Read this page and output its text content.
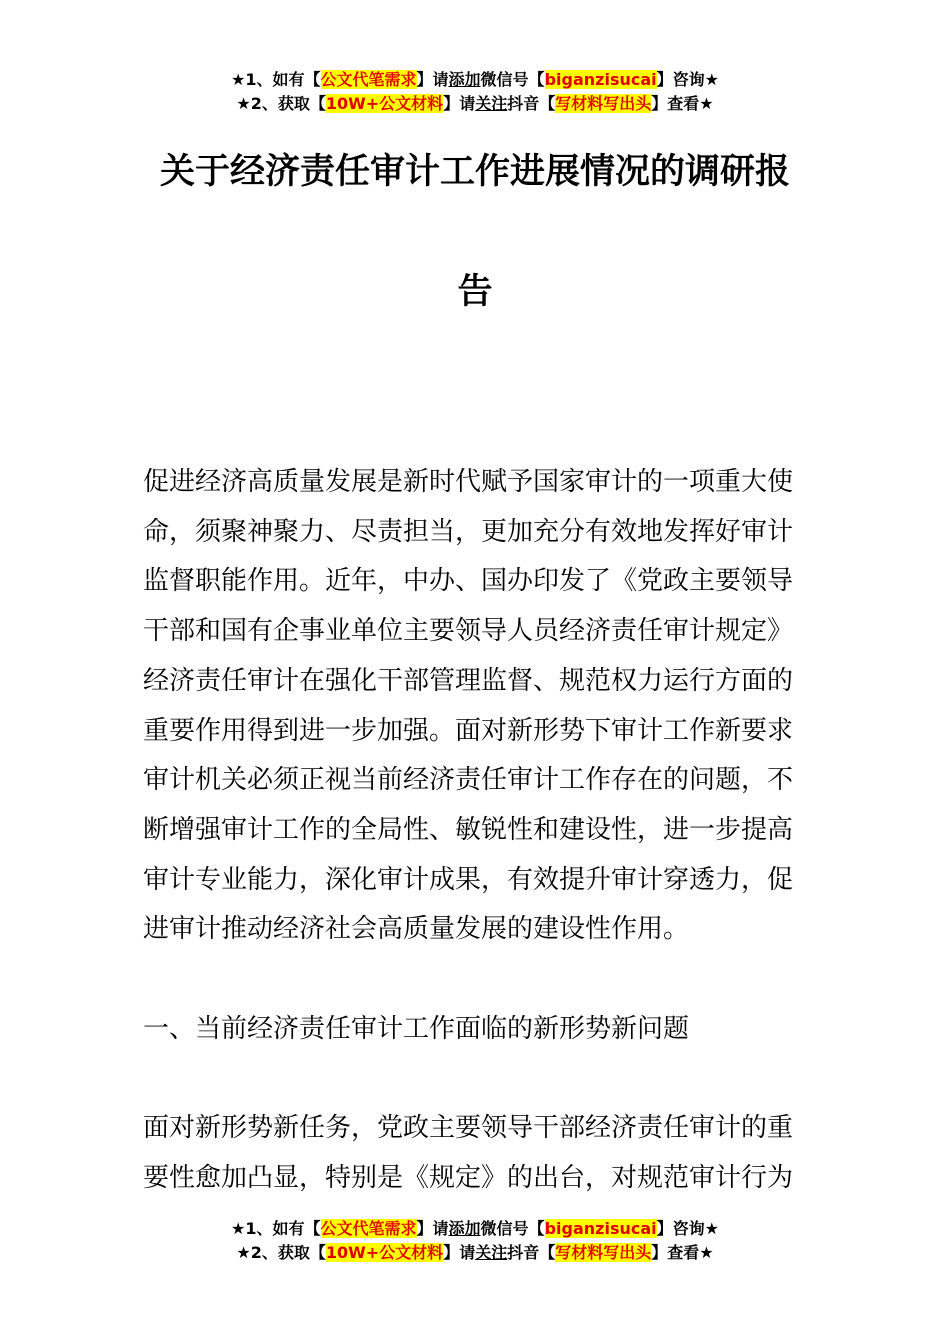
★1、如有【公文代笔需求】请添加微信号【biganzisucai】咨询★
★2、获取【10W+公文材料】请关注抖音【写材料写出头】查看★
关于经济责任审计工作进展情况的调研报
告
促进经济高质量发展是新时代赋予国家审计的一项重大使
命，须聚神聚力、尽责担当，更加充分有效地发挥好审计
监督职能作用。近年，中办、国办印发了《党政主要领导
干部和国有企事业单位主要领导人员经济责任审计规定》
经济责任审计在强化干部管理监督、规范权力运行方面的
重要作用得到进一步加强。面对新形势下审计工作新要求
审计机关必须正视当前经济责任审计工作存在的问题，不
断增强审计工作的全局性、敏锐性和建设性，进一步提高
审计专业能力，深化审计成果，有效提升审计穿透力，促
进审计推动经济社会高质量发展的建设性作用。
一、当前经济责任审计工作面临的新形势新问题
面对新形势新任务，党政主要领导干部经济责任审计的重
要性愈加凸显，特别是《规定》的出台，对规范审计行为
★1、如有【公文代笔需求】请添加微信号【biganzisucai】咨询★
★2、获取【10W+公文材料】请关注抖音【写材料写出头】查看★
